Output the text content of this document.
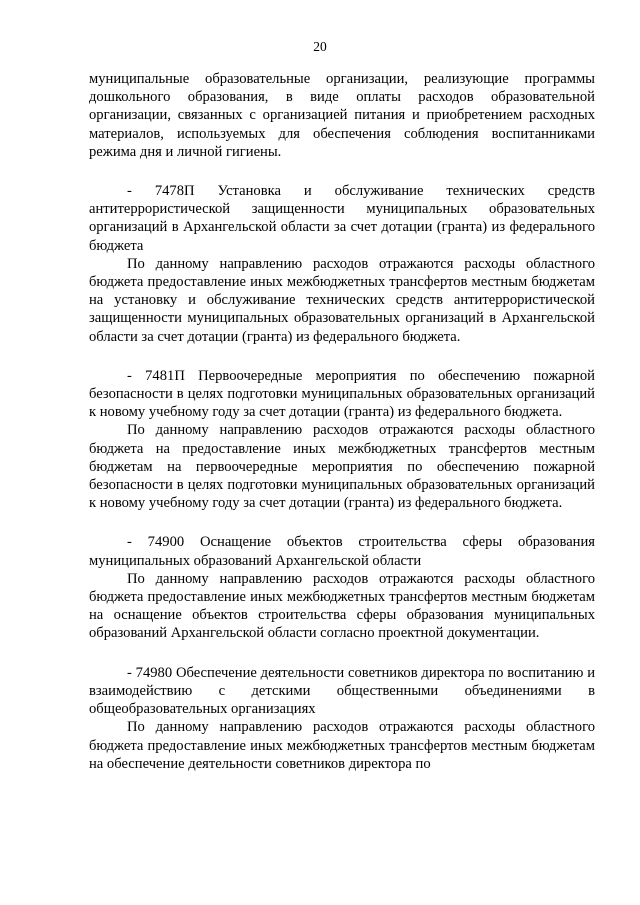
20

муниципальные образовательные организации, реализующие программы дошкольного образования, в виде оплаты расходов образовательной организации, связанных с организацией питания и приобретением расходных материалов, используемых для обеспечения соблюдения воспитанниками режима дня и личной гигиены.

- 7478П Установка и обслуживание технических средств антитеррористической защищенности муниципальных образовательных организаций в Архангельской области за счет дотации (гранта) из федерального бюджета

По данному направлению расходов отражаются расходы областного бюджета предоставление иных межбюджетных трансфертов местным бюджетам на установку и обслуживание технических средств антитеррористической защищенности муниципальных образовательных организаций в Архангельской области за счет дотации (гранта) из федерального бюджета.

- 7481П Первоочередные мероприятия по обеспечению пожарной безопасности в целях подготовки муниципальных образовательных организаций к новому учебному году за счет дотации (гранта) из федерального бюджета.

По данному направлению расходов отражаются расходы областного бюджета на предоставление иных межбюджетных трансфертов местным бюджетам на первоочередные мероприятия по обеспечению пожарной безопасности в целях подготовки муниципальных образовательных организаций к новому учебному году за счет дотации (гранта) из федерального бюджета.

- 74900 Оснащение объектов строительства сферы образования муниципальных образований Архангельской области

По данному направлению расходов отражаются расходы областного бюджета предоставление иных межбюджетных трансфертов местным бюджетам на оснащение объектов строительства сферы образования муниципальных образований Архангельской области согласно проектной документации.

- 74980 Обеспечение деятельности советников директора по воспитанию и взаимодействию с детскими общественными объединениями в общеобразовательных организациях

По данному направлению расходов отражаются расходы областного бюджета предоставление иных межбюджетных трансфертов местным бюджетам на обеспечение деятельности советников директора по
